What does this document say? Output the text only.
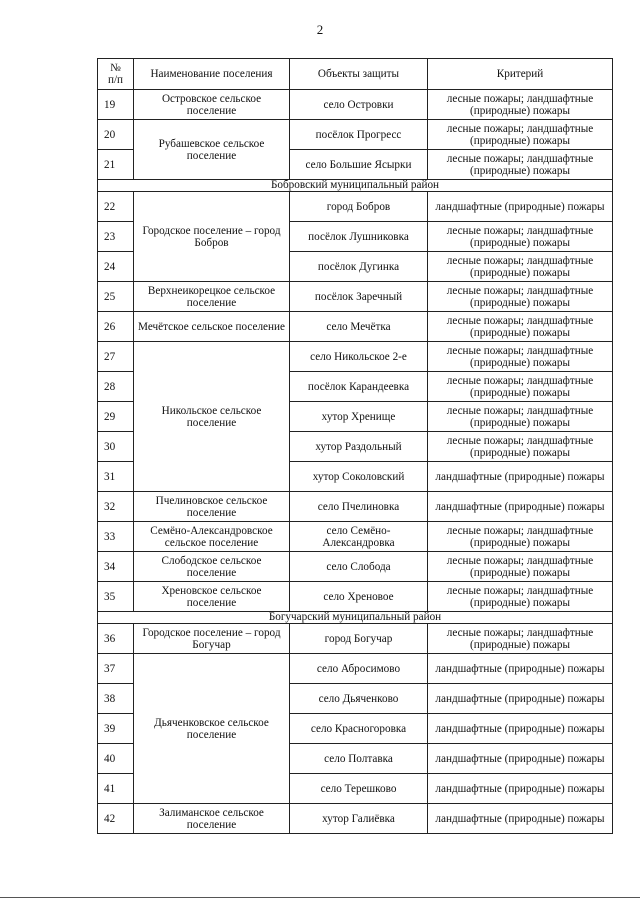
2
№
п/п	Наименование поселения	Объекты защиты	Критерий
19	Островское сельское поселение	село Островки	лесные пожары; ландшафтные (природные) пожары
20	Рубашевское сельское поселение	посёлок Прогресс	лесные пожары; ландшафтные (природные) пожары
21		село Большие Ясырки	лесные пожары; ландшафтные (природные) пожары
Бобровский муниципальный район			
22	Городское поселение – город Бобров	город Бобров	ландшафтные (природные) пожары
23		посёлок Лушниковка	лесные пожары; ландшафтные (природные) пожары
24		посёлок Дугинка	лесные пожары; ландшафтные (природные) пожары
25	Верхнеикорецкое сельское поселение	посёлок Заречный	лесные пожары; ландшафтные (природные) пожары
26	Мечётское сельское поселение	село Мечётка	лесные пожары; ландшафтные (природные) пожары
27	Никольское сельское поселение	село Никольское 2-е	лесные пожары; ландшафтные (природные) пожары
28		посёлок Карандеевка	лесные пожары; ландшафтные (природные) пожары
29		хутор Хренище	лесные пожары; ландшафтные (природные) пожары
30		хутор Раздольный	лесные пожары; ландшафтные (природные) пожары
31		хутор Соколовский	ландшафтные (природные) пожары
32	Пчелиновское сельское поселение	село Пчелиновка	ландшафтные (природные) пожары
33	Семёно-Александровское сельское поселение	село Семёно-Александровка	лесные пожары; ландшафтные (природные) пожары
34	Слободское сельское поселение	село Слобода	лесные пожары; ландшафтные (природные) пожары
35	Хреновское сельское поселение	село Хреновое	лесные пожары; ландшафтные (природные) пожары
Богучарский муниципальный район			
36	Городское поселение – город Богучар	город Богучар	лесные пожары; ландшафтные (природные) пожары
37	Дьяченковское сельское поселение	село Абросимово	ландшафтные (природные) пожары
38		село Дьяченково	ландшафтные (природные) пожары
39		село Красногоровка	ландшафтные (природные) пожары
40		село Полтавка	ландшафтные (природные) пожары
41		село Терешково	ландшафтные (природные) пожары
42	Залиманское сельское поселение	хутор Галиёвка	ландшафтные (природные) пожары
